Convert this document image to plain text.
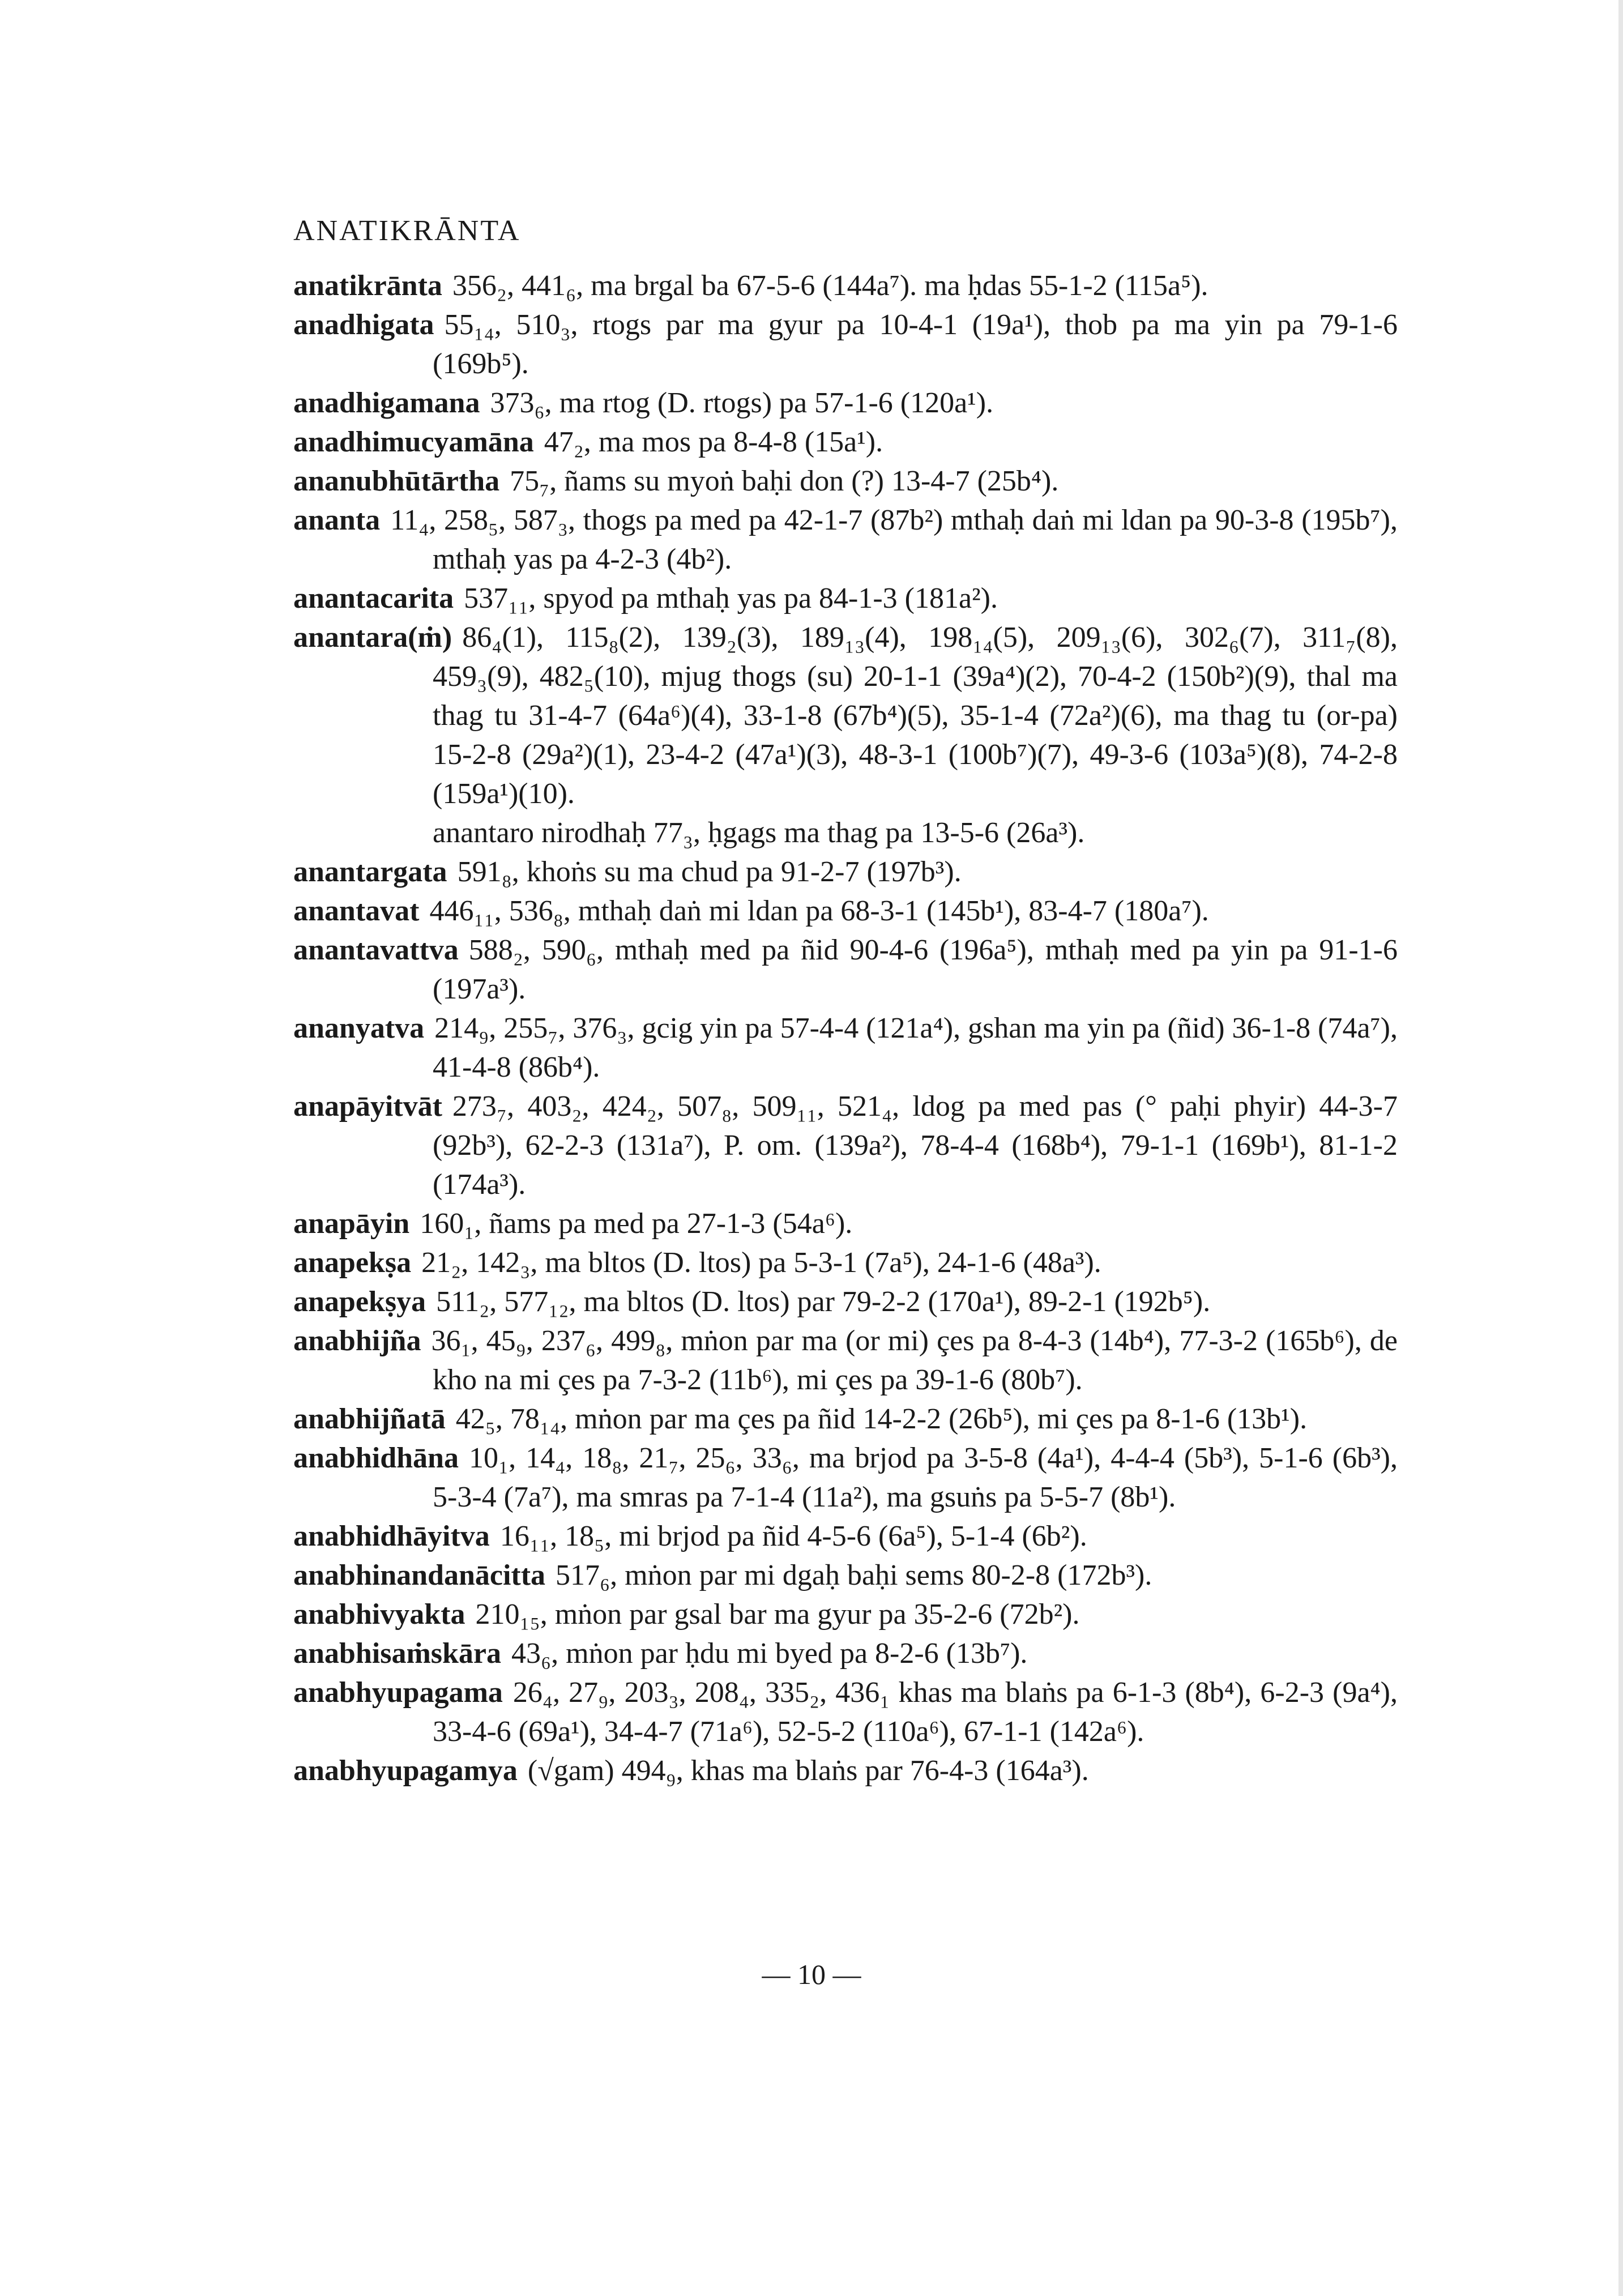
ANATIKRĀNTA
anatikrānta 356₂, 441₆, ma brgal ba 67-5-6 (144a⁷). ma ḥdas 55-1-2 (115a⁵).
anadhigata 55₁₄, 510₃, rtogs par ma gyur pa 10-4-1 (19a¹), thob pa ma yin pa 79-1-6 (169b⁵).
anadhigamana 373₆, ma rtog (D. rtogs) pa 57-1-6 (120a¹).
anadhimucyamāna 47₂, ma mos pa 8-4-8 (15a¹).
ananubhūtārtha 75₇, ñams su myoṅ baḥi don (?) 13-4-7 (25b⁴).
ananta 11₄, 258₅, 587₃, thogs pa med pa 42-1-7 (87b²) mthaḥ daṅ mi ldan pa 90-3-8 (195b⁷), mthaḥ yas pa 4-2-3 (4b²).
anantacarita 537₁₁, spyod pa mthaḥ yas pa 84-1-3 (181a²).
anantara(ṁ) 86₄(1), 115₈(2), 139₂(3), 189₁₃(4), 198₁₄(5), 209₁₃(6), 302₆(7), 311₇(8), 459₃(9), 482₅(10), mjug thogs (su) 20-1-1 (39a⁴)(2), 70-4-2 (150b²)(9), thal ma thag tu 31-4-7 (64a⁶)(4), 33-1-8 (67b⁴)(5), 35-1-4 (72a²)(6), ma thag tu (or-pa) 15-2-8 (29a²)(1), 23-4-2 (47a¹)(3), 48-3-1 (100b⁷)(7), 49-3-6 (103a⁵)(8), 74-2-8 (159a¹)(10).
anantaro nirodhaḥ 77₃, ḥgags ma thag pa 13-5-6 (26a³).
anantargata 591₈, khoṅs su ma chud pa 91-2-7 (197b³).
anantavat 446₁₁, 536₈, mthaḥ daṅ mi ldan pa 68-3-1 (145b¹), 83-4-7 (180a⁷).
anantavattva 588₂, 590₆, mthaḥ med pa ñid 90-4-6 (196a⁵), mthaḥ med pa yin pa 91-1-6 (197a³).
ananyatva 214₉, 255₇, 376₃, gcig yin pa 57-4-4 (121a⁴), gshan ma yin pa (ñid) 36-1-8 (74a⁷), 41-4-8 (86b⁴).
anapāyitvāt 273₇, 403₂, 424₂, 507₈, 509₁₁, 521₄, ldog pa med pas (° paḥi phyir) 44-3-7 (92b³), 62-2-3 (131a⁷), P. om. (139a²), 78-4-4 (168b⁴), 79-1-1 (169b¹), 81-1-2 (174a³).
anapāyin 160₁, ñams pa med pa 27-1-3 (54a⁶).
anapekṣa 21₂, 142₃, ma bltos (D. ltos) pa 5-3-1 (7a⁵), 24-1-6 (48a³).
anapekṣya 511₂, 577₁₂, ma bltos (D. ltos) par 79-2-2 (170a¹), 89-2-1 (192b⁵).
anabhijña 36₁, 45₉, 237₆, 499₈, mṅon par ma (or mi) çes pa 8-4-3 (14b⁴), 77-3-2 (165b⁶), de kho na mi çes pa 7-3-2 (11b⁶), mi çes pa 39-1-6 (80b⁷).
anabhijñatā 42₅, 78₁₄, mṅon par ma çes pa ñid 14-2-2 (26b⁵), mi çes pa 8-1-6 (13b¹).
anabhidhāna 10₁, 14₄, 18₈, 21₇, 25₆, 33₆, ma brjod pa 3-5-8 (4a¹), 4-4-4 (5b³), 5-1-6 (6b³), 5-3-4 (7a⁷), ma smras pa 7-1-4 (11a²), ma gsuṅs pa 5-5-7 (8b¹).
anabhidhāyitva 16₁₁, 18₅, mi brjod pa ñid 4-5-6 (6a⁵), 5-1-4 (6b²).
anabhinandanācitta 517₆, mṅon par mi dgaḥ baḥi sems 80-2-8 (172b³).
anabhivyakta 210₁₅, mṅon par gsal bar ma gyur pa 35-2-6 (72b²).
anabhisaṁskāra 43₆, mṅon par ḥdu mi byed pa 8-2-6 (13b⁷).
anabhyupagama 26₄, 27₉, 203₃, 208₄, 335₂, 436₁ khas ma blaṅs pa 6-1-3 (8b⁴), 6-2-3 (9a⁴), 33-4-6 (69a¹), 34-4-7 (71a⁶), 52-5-2 (110a⁶), 67-1-1 (142a⁶).
anabhyupagamya (√gam) 494₉, khas ma blaṅs par 76-4-3 (164a³).
— 10 —
